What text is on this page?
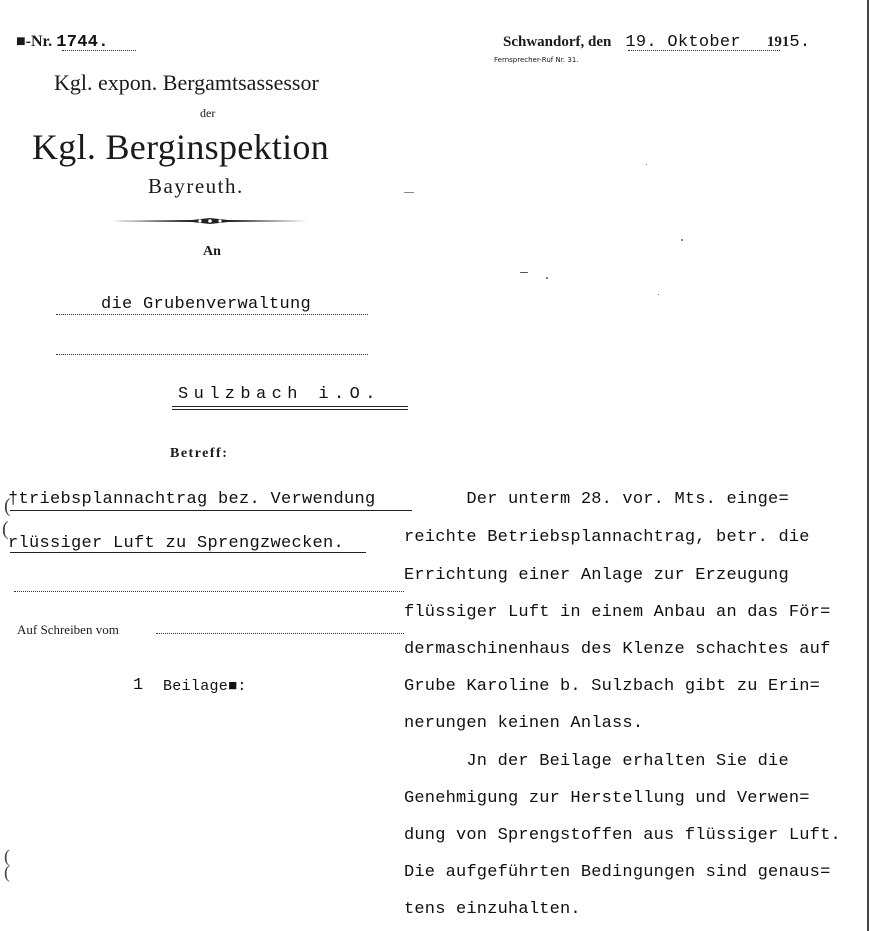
■-Nr. 1744.	Schwandorf, den 19. Oktober 1915.
Fernsprecher-Ruf Nr. 31.
Kgl. expon. Bergamtsassessor
der
Kgl. Berginspektion
Bayreuth.
An
die Grubenverwaltung
Sulzbach i.O.
Betreff:
†triebsplannachtrag bez. Verwendung
rlüssiger Luft zu Sprengzwecken.
(
(
Auf Schreiben vom
1 Beilage■:
Der unterm 28. vor. Mts. einge=
reichte Betriebsplannachtrag, betr. die
Errichtung einer Anlage zur Erzeugung
flüssiger Luft in einem Anbau an das För=
dermaschinenhaus des Klenze schachtes auf
Grube Karoline b. Sulzbach gibt zu Erin=
nerungen keinen Anlass.
Jn der Beilage erhalten Sie die
Genehmigung zur Herstellung und Verwen=
dung von Sprengstoffen aus flüssiger Luft.
Die aufgeführten Bedingungen sind genaus=
tens einzuhalten.
(
(
